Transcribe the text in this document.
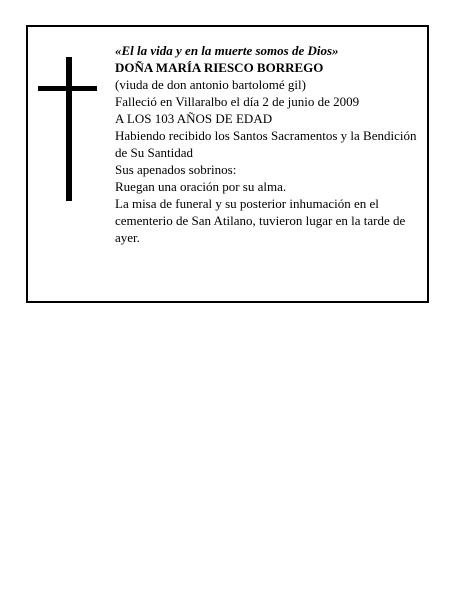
«El la vida y en la muerte somos de Dios»
DOÑA MARÍA RIESCO BORREGO
(viuda de don antonio bartolomé gil)
Falleció en Villaralbo el día 2 de junio de 2009
A LOS 103 AÑOS DE EDAD
Habiendo recibido los Santos Sacramentos y la Bendición de Su Santidad
Sus apenados sobrinos:
Ruegan una oración por su alma.
La misa de funeral y su posterior inhumación en el cementerio de San Atilano, tuvieron lugar en la tarde de ayer.
